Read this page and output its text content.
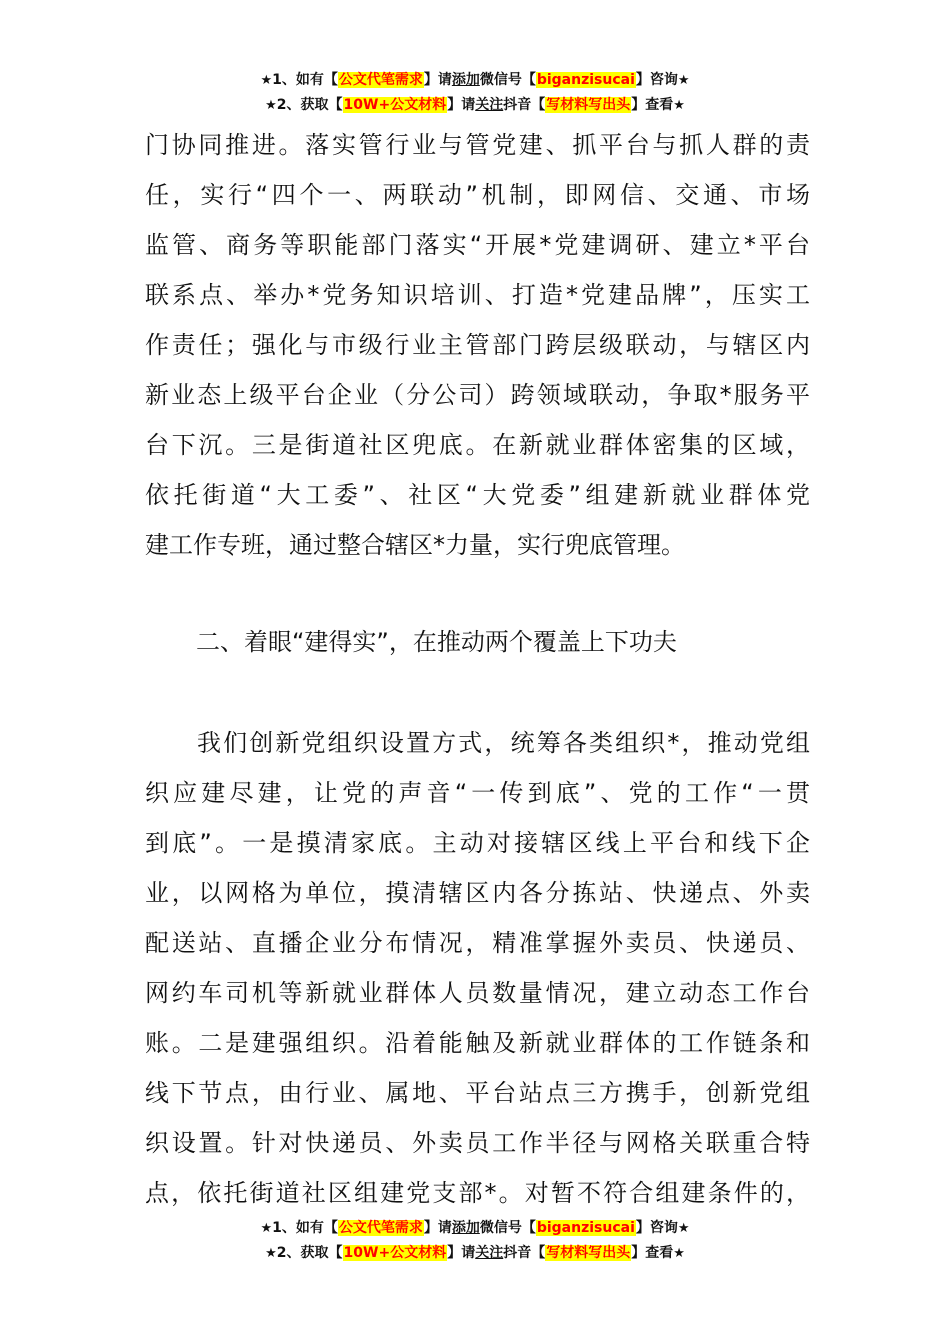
★1、如有【公文代笔需求】请添加微信号【biganzisucai】咨询★
★2、获取【10W+公文材料】请关注抖音【写材料写出头】查看★
门协同推进。落实管行业与管党建、抓平台与抓人群的责
任，实行“四个一、两联动”机制，即网信、交通、市场
监管、商务等职能部门落实“开展*党建调研、建立*平台
联系点、举办*党务知识培训、打造*党建品牌”，压实工
作责任；强化与市级行业主管部门跨层级联动，与辖区内
新业态上级平台企业（分公司）跨领域联动，争取*服务平
台下沉。三是街道社区兜底。在新就业群体密集的区域，
依托街道“大工委”、社区“大党委”组建新就业群体党
建工作专班，通过整合辖区*力量，实行兜底管理。
二、着眼“建得实”，在推动两个覆盖上下功夫
我们创新党组织设置方式，统筹各类组织*，推动党组
织应建尽建，让党的声音“一传到底”、党的工作“一贯
到底”。一是摸清家底。主动对接辖区线上平台和线下企
业，以网格为单位，摸清辖区内各分拣站、快递点、外卖
配送站、直播企业分布情况，精准掌握外卖员、快递员、
网约车司机等新就业群体人员数量情况，建立动态工作台
账。二是建强组织。沿着能触及新就业群体的工作链条和
线下节点，由行业、属地、平台站点三方携手，创新党组
织设置。针对快递员、外卖员工作半径与网格关联重合特
点，依托街道社区组建党支部*。对暂不符合组建条件的，
★1、如有【公文代笔需求】请添加微信号【biganzisucai】咨询★
★2、获取【10W+公文材料】请关注抖音【写材料写出头】查看★
